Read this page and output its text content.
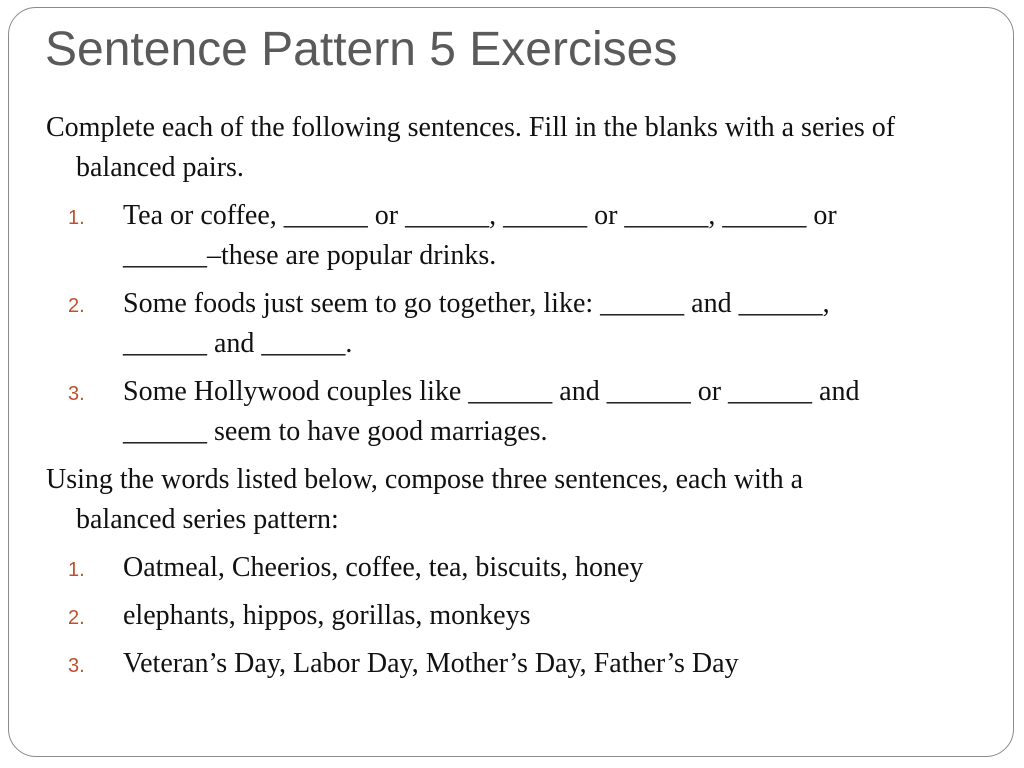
Sentence Pattern 5 Exercises

Complete each of the following sentences. Fill in the blanks with a series of balanced pairs.

1. Tea or coffee, ______ or ______, ______ or ______, ______ or ______–these are popular drinks.
2. Some foods just seem to go together, like: ______ and ______, ______ and ______.
3. Some Hollywood couples like ______ and ______ or ______ and ______ seem to have good marriages.

Using the words listed below, compose three sentences, each with a balanced series pattern:

1. Oatmeal, Cheerios, coffee, tea, biscuits, honey
2. elephants, hippos, gorillas, monkeys
3. Veteran’s Day, Labor Day, Mother’s Day, Father’s Day
